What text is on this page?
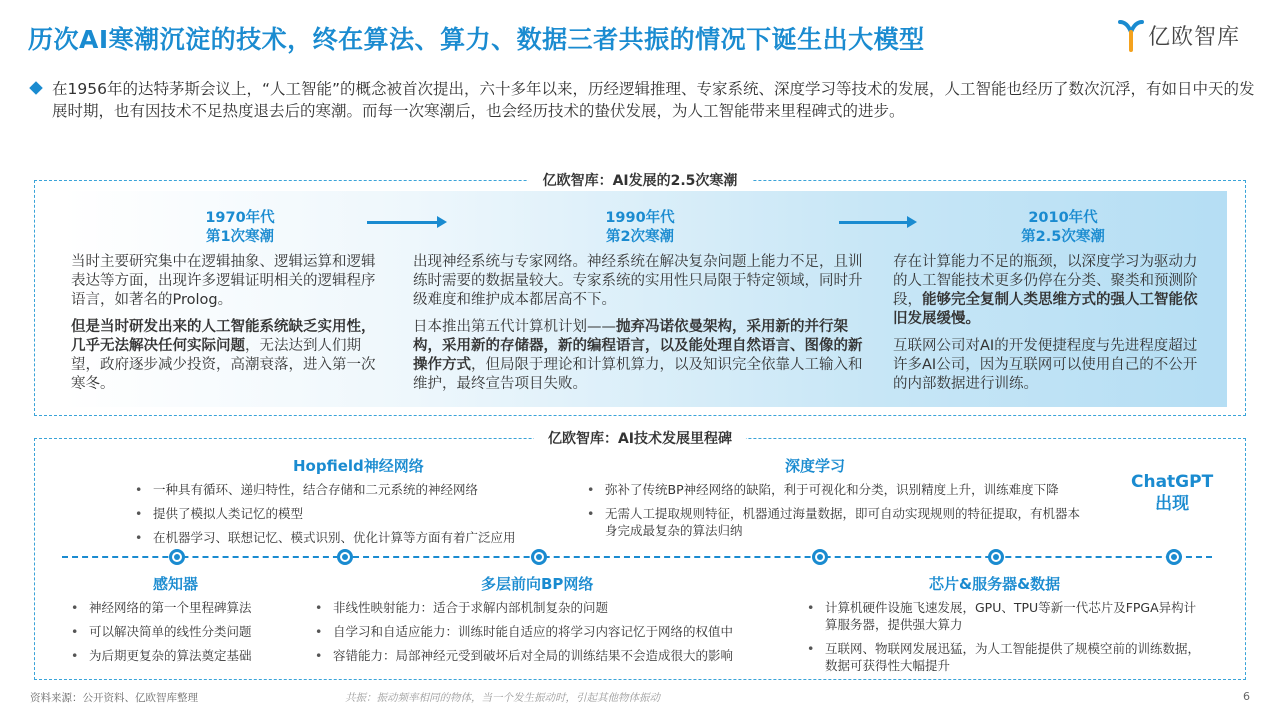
历次AI寒潮沉淀的技术，终在算法、算力、数据三者共振的情况下诞生出大模型	亿欧智库
在1956年的达特茅斯会议上，“人工智能”的概念被首次提出，六十多年以来，历经逻辑推理、专家系统、深度学习等技术的发展，人工智能也经历了数次沉浮，有如日中天的发展时期，也有因技术不足热度退去后的寒潮。而每一次寒潮后，也会经历技术的蛰伏发展，为人工智能带来里程碑式的进步。
亿欧智库：AI发展的2.5次寒潮
1970年代
第1次寒潮
1990年代
第2次寒潮
2010年代
第2.5次寒潮

当时主要研究集中在逻辑抽象、逻辑运算和逻辑表达等方面，出现许多逻辑证明相关的逻辑程序语言，如著名的Prolog。

但是当时研发出来的人工智能系统缺乏实用性，几乎无法解决任何实际问题，无法达到人们期望，政府逐步减少投资，高潮衰落，进入第一次寒冬。

出现神经系统与专家网络。神经系统在解决复杂问题上能力不足，且训练时需要的数据量较大。专家系统的实用性只局限于特定领域，同时升级难度和维护成本都居高不下。

日本推出第五代计算机计划——抛弃冯诺依曼架构，采用新的并行架构，采用新的存储器，新的编程语言，以及能处理自然语言、图像的新操作方式，但局限于理论和计算机算力，以及知识完全依靠人工输入和维护，最终宣告项目失败。

存在计算能力不足的瓶颈，以深度学习为驱动力的人工智能技术更多仍停在分类、聚类和预测阶段，能够完全复制人类思维方式的强人工智能依旧发展缓慢。

互联网公司对AI的开发便捷程度与先进程度超过许多AI公司，因为互联网可以使用自己的不公开的内部数据进行训练。

亿欧智库：AI技术发展里程碑
Hopfield神经网络
• 一种具有循环、递归特性，结合存储和二元系统的神经网络
• 提供了模拟人类记忆的模型
• 在机器学习、联想记忆、模式识别、优化计算等方面有着广泛应用
深度学习
• 弥补了传统BP神经网络的缺陷，利于可视化和分类，识别精度上升，训练难度下降
• 无需人工提取规则特征，机器通过海量数据，即可自动实现规则的特征提取，有机器本身完成最复杂的算法归纳
ChatGPT
出现
感知器
• 神经网络的第一个里程碑算法
• 可以解决简单的线性分类问题
• 为后期更复杂的算法奠定基础
多层前向BP网络
• 非线性映射能力：适合于求解内部机制复杂的问题
• 自学习和自适应能力：训练时能自适应的将学习内容记忆于网络的权值中
• 容错能力：局部神经元受到破坏后对全局的训练结果不会造成很大的影响
芯片&服务器&数据
• 计算机硬件设施飞速发展，GPU、TPU等新一代芯片及FPGA异构计算服务器，提供强大算力
• 互联网、物联网发展迅猛，为人工智能提供了规模空前的训练数据，数据可获得性大幅提升
资料来源：公开资料、亿欧智库整理	共振：振动频率相同的物体，当一个发生振动时，引起其他物体振动	6
